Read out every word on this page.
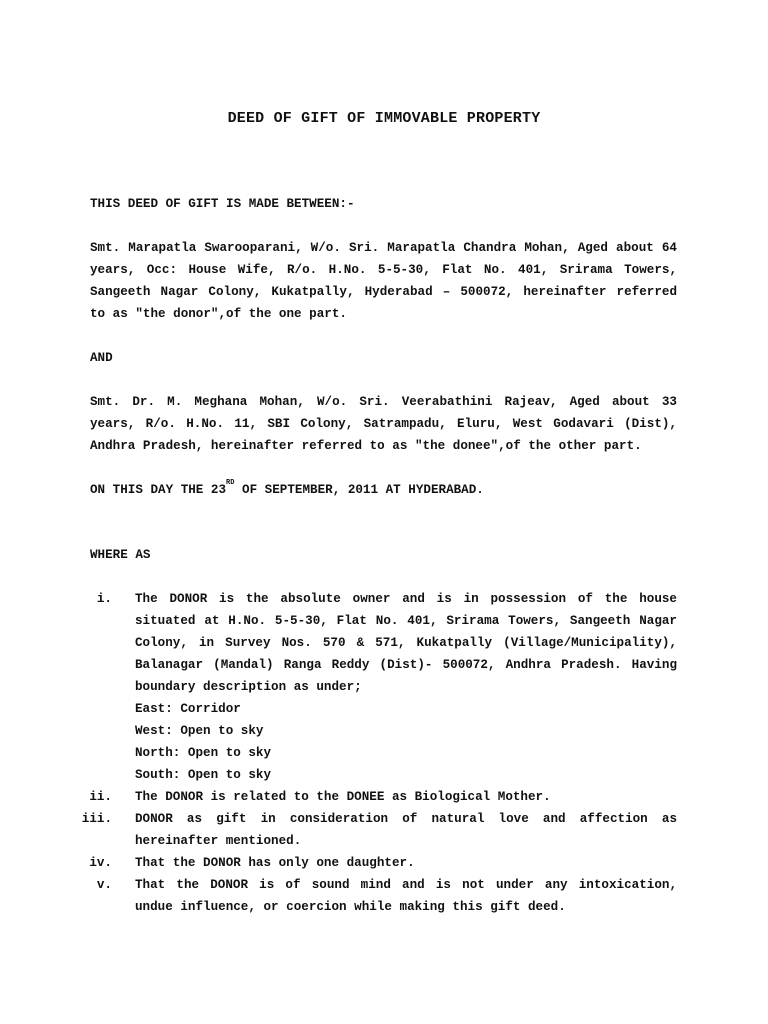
DEED OF GIFT OF IMMOVABLE PROPERTY

THIS DEED OF GIFT IS MADE BETWEEN:-

Smt. Marapatla Swarooparani, W/o. Sri. Marapatla Chandra Mohan, Aged about 64 years, Occ: House Wife, R/o. H.No. 5-5-30, Flat No. 401, Srirama Towers, Sangeeth Nagar Colony, Kukatpally, Hyderabad – 500072, hereinafter referred to as "the donor",of the one part.

AND

Smt. Dr. M. Meghana Mohan, W/o. Sri. Veerabathini Rajeav, Aged about 33 years, R/o. H.No. 11, SBI Colony, Satrampadu, Eluru, West Godavari (Dist), Andhra Pradesh, hereinafter referred to as "the donee",of the other part.

ON THIS DAY THE 23RD OF SEPTEMBER, 2011 AT HYDERABAD.

WHERE AS

i. The DONOR is the absolute owner and is in possession of the house situated at H.No. 5-5-30, Flat No. 401, Srirama Towers, Sangeeth Nagar Colony, in Survey Nos. 570 & 571, Kukatpally (Village/Municipality), Balanagar (Mandal) Ranga Reddy (Dist)- 500072, Andhra Pradesh. Having boundary description as under;
East: Corridor
West: Open to sky
North: Open to sky
South: Open to sky
ii. The DONOR is related to the DONEE as Biological Mother.
iii. DONOR as gift in consideration of natural love and affection as hereinafter mentioned.
iv. That the DONOR has only one daughter.
v. That the DONOR is of sound mind and is not under any intoxication, undue influence, or coercion while making this gift deed.
